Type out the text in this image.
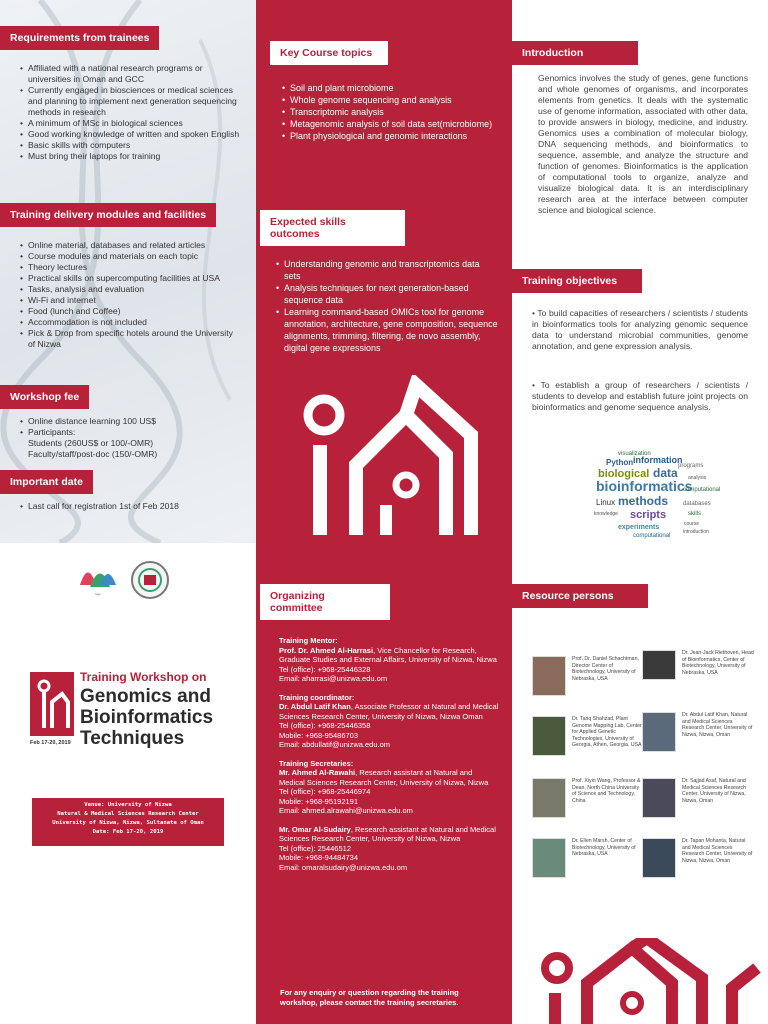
Requirements from trainees
• Affiliated with a national research programs or universities in Oman and GCC
• Currently engaged in biosciences or medical sciences and planning to implement next generation sequencing methods in research
• A minimum of MSc in biological sciences
• Good working knowledge of written and spoken English
• Basic skills with computers
• Must bring their laptops for training
Training delivery modules and facilities
• Online material, databases and related articles
• Course modules and materials on each topic
• Theory lectures
• Practical skills on supercomputing facilities at USA
• Tasks, analysis and evaluation
• Wi-Fi and internet
• Food (lunch and Coffee)
• Accommodation is not included
• Pick & Drop from specific hotels around the University of Nizwa
Workshop fee
• Online distance learning 100 US$
• Participants:
Students (260US$ or 100/-OMR)
Faculty/staff/post-doc (150/-OMR)
Important date
• Last call for registration 1st of Feb 2018
Key Course topics
• Soil and plant microbiome
• Whole genome sequencing and analysis
• Transcriptomic analysis
• Metagenomic analysis of soil data set(microbiome)
• Plant physiological and genomic interactions
Expected skills outcomes
• Understanding genomic and transcriptomics data sets
• Analysis techniques for next generation-based sequence data
• Learning command-based OMICs tool for genome annotation, architecture, gene composition, sequence alignments, trimming, filtering, de novo assembly, digital gene expressions
Introduction

Genomics involves the study of genes, gene functions and whole genomes of organisms, and incorporates elements from genetics. It deals with the systematic use of genome information, associated with other data, to provide answers in biology, medicine, and industry. Genomics uses a combination of molecular biology, DNA sequencing methods, and bioinformatics to sequence, assemble, and analyze the structure and function of genomes. Bioinformatics is the application of computational tools to organize, analyze and visualize biological data. It is an interdisciplinary research area at the interface between computer science and biological science.

Training objectives
• To build capacities of researchers / scientists / students in bioinformatics tools for analyzing genomic sequence data to understand microbial communities, genome annotation, and gene expression analysis.
• To establish a group of researchers / scientists / students to develop and establish future joint projects on bioinformatics and genome sequence analysis.
visualization
Python information
biological data
bioinformatics
programs
computational
methods
Linux
scripts
databases
skills
experiments
computational
analysis
knowledge
course
introduction
logo
Training Workshop on
Genomics and Bioinformatics Techniques
Feb 17-20, 2019
Venue: University of Nizwa
Natural & Medical Sciences Research Center
University of Nizwa, Nizwa, Sultanate of Oman
Date: Feb 17-20, 2019
Organizing committee
Training Mentor:
Prof. Dr. Ahmed Al-Harrasi, Vice Chancellor for Research, Graduate Studies and External Affairs, University of Nizwa, Nizwa
Tel (office): +968-25446328
Email: aharrasi@unizwa.edu.om
Training coordinator:
Dr. Abdul Latif Khan, Associate Professor at Natural and Medical Sciences Research Center, University of Nizwa, Nizwa Oman
Tel (office): +968-25446358
Mobile: +968-95486703
Email: abdullatif@unizwa.edu.om
Training Secretaries:
Mr. Ahmed Al-Rawahi, Research assistant at Natural and Medical Sciences Research Center, University of Nizwa, Nizwa
Tel (office): +968-25446974
Mobile: +968-95192191
Email: ahmed.alrawahi@unizwa.edu.om
Mr. Omar Al-Sudairy, Research assistant at Natural and Medical Sciences Research Center, University of Nizwa, Nizwa
Tel (office): 25446512
Mobile: +968-94484734
Email: omaralsudairy@unizwa.edu.om
For any enquiry or question regarding the training workshop, please contact the training secretaries.
Resource persons
Prof. Dr. Daniel Schachtman, Director Center of Biotechnology, University of Nebraska, USA
Dr. Jean-Jack Riethoven, Head of Bioinformatics, Center of Biotechnology, University of Nebraska, USA
Dr. Tariq Shahzad, Plant Genome Mapping Lab, Center for Applied Genetic Technologies, University of Georgia, Athen, Georgia, USA
Dr. Abdul Latif Khan, Natural and Medical Sciences Research Center, University of Nizwa, Nizwa, Oman
Prof. Xiyin Wang, Professor & Dean, North China University of Science and Technology, China
Dr. Sajjad Asaf, Natural and Medical Sciences Research Center, University of Nizwa, Nizwa, Oman
Dr. Ellen Marsh, Center of Biotechnology, University of Nebraska, USA
Dr. Tapan Mohanta, Natural and Medical Sciences Research Center, University of Nizwa, Nizwa, Oman
